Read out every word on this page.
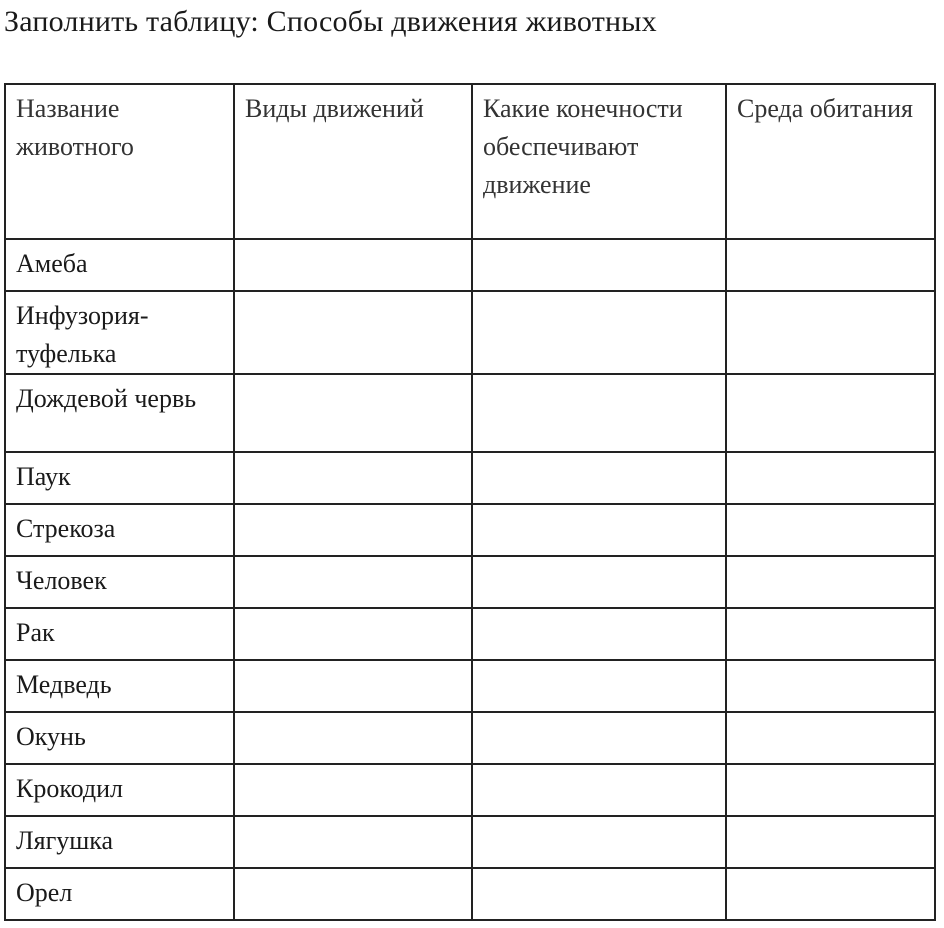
Заполнить таблицу: Способы движения животных
Название животного	Виды движений	Какие конечности обеспечивают движение	Среда обитания
Амеба			
Инфузория-туфелька			
Дождевой червь			
Паук			
Стрекоза			
Человек			
Рак			
Медведь			
Окунь			
Крокодил			
Лягушка			
Орел			
